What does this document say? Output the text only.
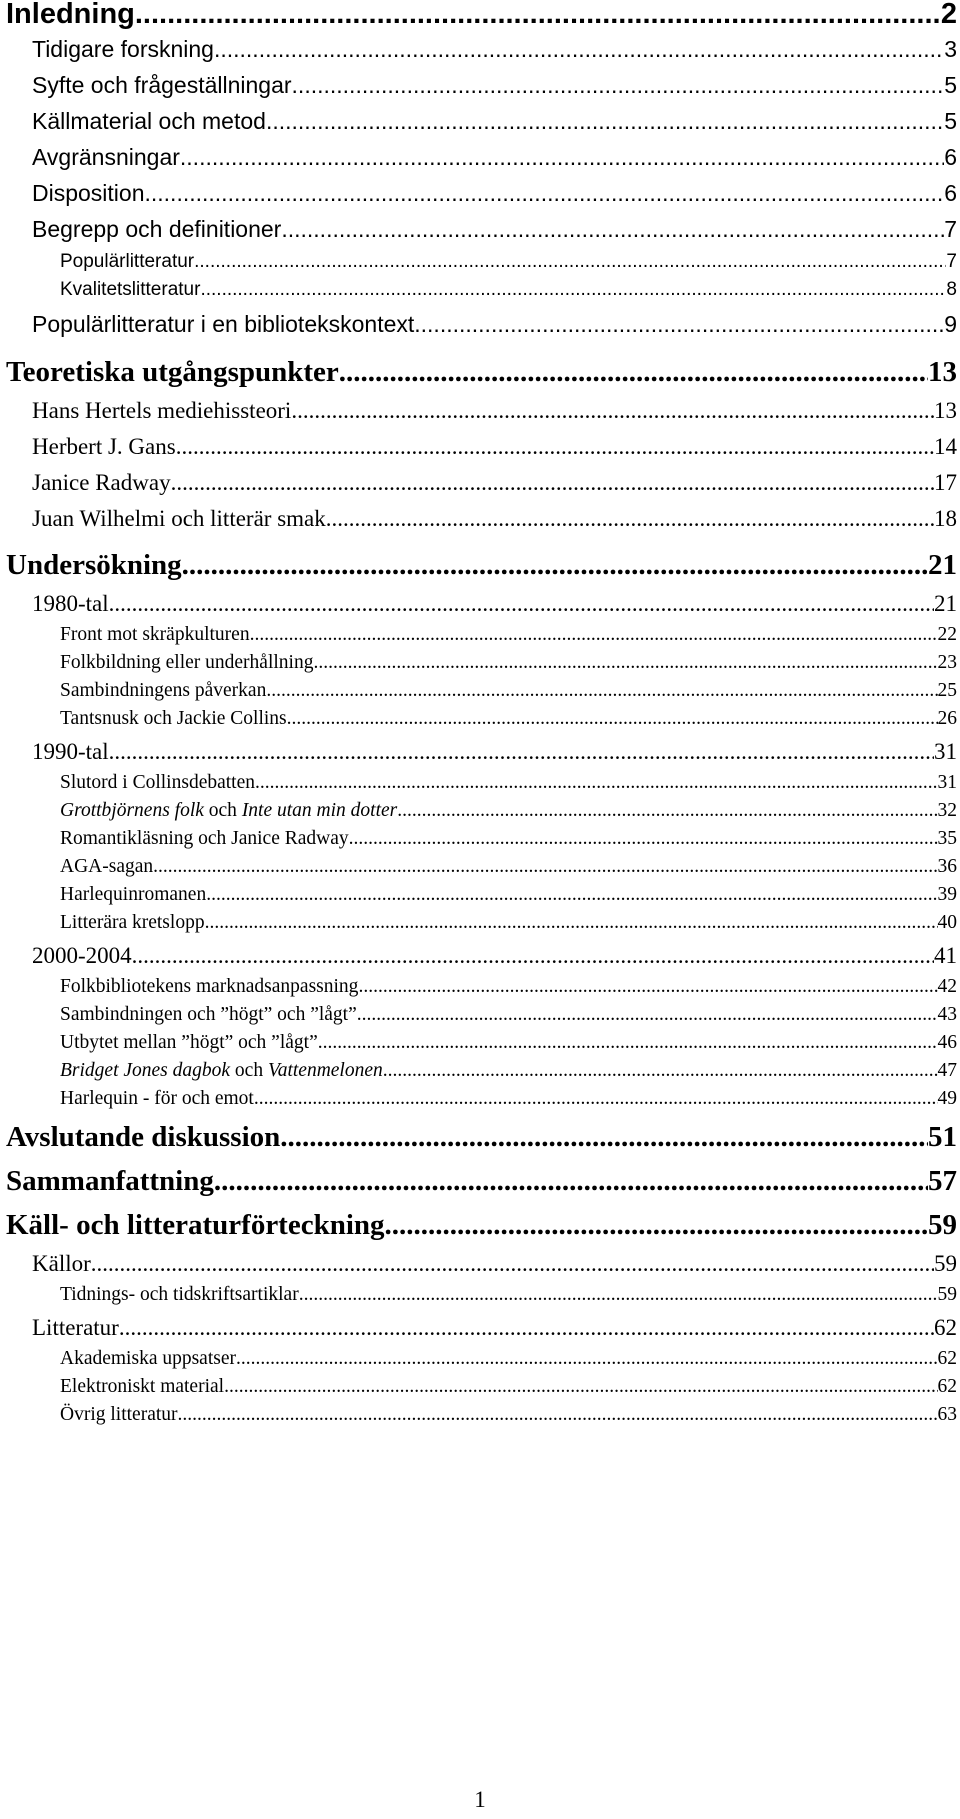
Inledning .....	2
Tidigare forskning .....	3
Syfte och frågeställningar .....	5
Källmaterial och metod .....	5
Avgränsningar .....	6
Disposition .....	6
Begrepp och definitioner .....	7
Populärlitteratur .....	7
Kvalitetslitteratur .....	8
Populärlitteratur i en bibliotekskontext .....	9
Teoretiska utgångspunkter .....	13
Hans Hertels mediehissteori .....	13
Herbert J. Gans .....	14
Janice Radway .....	17
Juan Wilhelmi och litterär smak .....	18
Undersökning .....	21
1980-tal .....	21
Front mot skräpkulturen .....	22
Folkbildning eller underhållning .....	23
Sambindningens påverkan .....	25
Tantsnusk och Jackie Collins .....	26
1990-tal .....	31
Slutord i Collinsdebatten .....	31
Grottbjörnens folk och Inte utan min dotter .....	32
Romantikläsning och Janice Radway .....	35
AGA-sagan .....	36
Harlequinromanen .....	39
Litterära kretslopp .....	40
2000-2004 .....	41
Folkbibliotekens marknadsanpassning .....	42
Sambindningen och ”högt” och ”lågt” .....	43
Utbytet mellan ”högt” och ”lågt” .....	46
Bridget Jones dagbok och Vattenmelonen .....	47
Harlequin - för och emot .....	49
Avslutande diskussion .....	51
Sammanfattning .....	57
Käll- och litteraturförteckning .....	59
Källor .....	59
Tidnings- och tidskriftsartiklar .....	59
Litteratur .....	62
Akademiska uppsatser .....	62
Elektroniskt material .....	62
Övrig litteratur .....	63
1
